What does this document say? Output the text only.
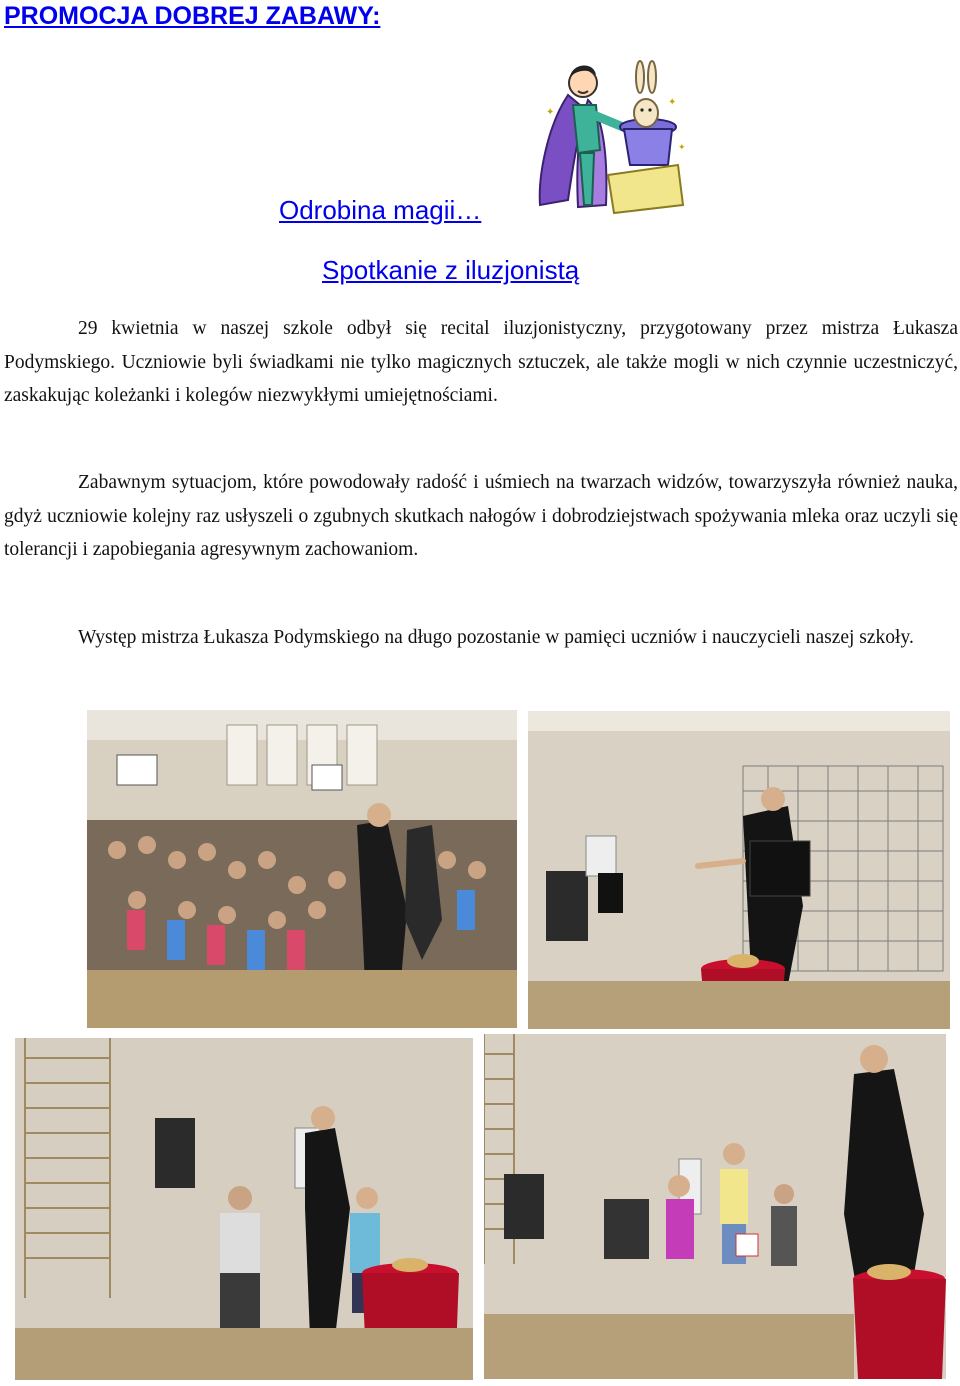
PROMOCJA DOBREJ ZABAWY:
✦
✦
✦
Odrobina magii…
Spotkanie z iluzjonistą

29 kwietnia w naszej szkole odbył się recital iluzjonistyczny, przygotowany przez mistrza Łukasza Podymskiego. Uczniowie byli świadkami nie tylko magicznych sztuczek, ale także mogli w nich czynnie uczestniczyć, zaskakując koleżanki i kolegów niezwykłymi umiejętnościami.

Zabawnym sytuacjom, które powodowały radość i uśmiech na twarzach widzów, towarzyszyła również nauka, gdyż uczniowie kolejny raz usłyszeli o zgubnych skutkach nałogów i dobrodziejstwach spożywania mleka oraz uczyli się tolerancji i zapobiegania agresywnym zachowaniom.

Występ mistrza Łukasza Podymskiego na długo pozostanie w pamięci uczniów i nauczycieli naszej szkoły.
